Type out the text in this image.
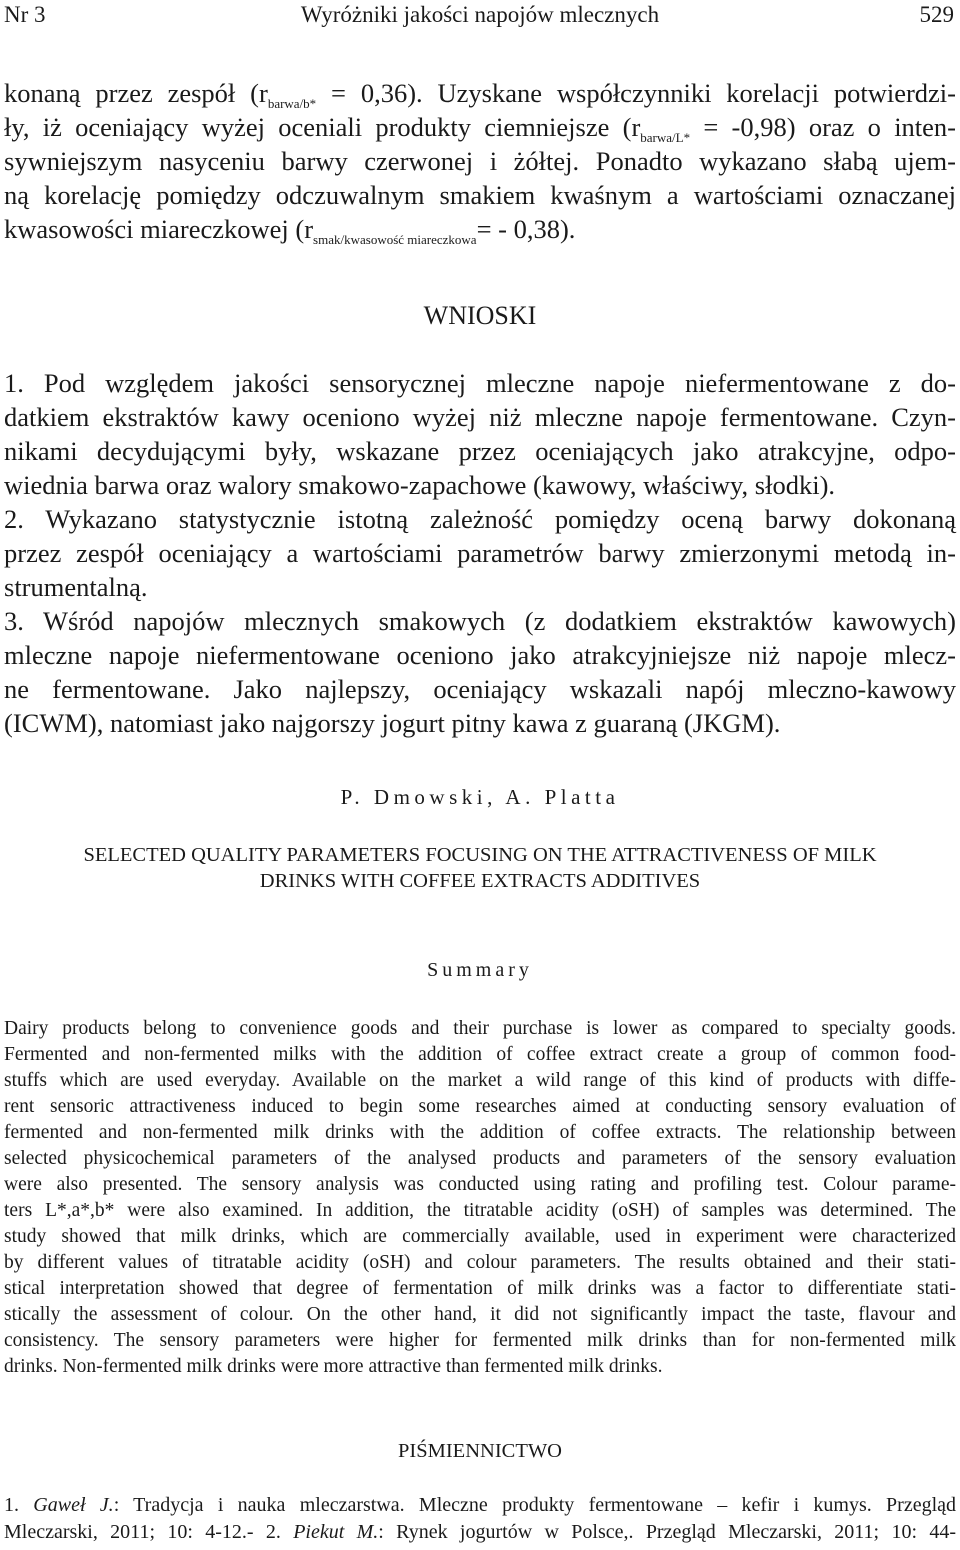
Nr 3	Wyróżniki jakości napojów mlecznych	529
konaną przez zespół $(r_{barwa/b*} = 0,36)$. Uzyskane współczynniki korelacji potwierdzi-
ły, iż oceniający wyżej oceniali produkty ciemniejsze $(r_{barwa/L*} = -0,98)$ oraz o inten-
sywniejszym nasyceniu barwy czerwonej i żółtej. Ponadto wykazano słabą ujem-
ną korelację pomiędzy odczuwalnym smakiem kwaśnym a wartościami oznaczanej
kwasowości miareczkowej $(r_{smak/kwasowość miareczkowa}= - 0,38)$.
WNIOSKI
1. Pod względem jakości sensorycznej mleczne napoje niefermentowane z do-
datkiem ekstraktów kawy oceniono wyżej niż mleczne napoje fermentowane. Czyn-
nikami decydującymi były, wskazane przez oceniających jako atrakcyjne, odpo-
wiednia barwa oraz walory smakowo-zapachowe (kawowy, właściwy, słodki).
2. Wykazano statystycznie istotną zależność pomiędzy oceną barwy dokonaną
przez zespół oceniający a wartościami parametrów barwy zmierzonymi metodą in-
strumentalną.
3. Wśród napojów mlecznych smakowych (z dodatkiem ekstraktów kawowych)
mleczne napoje niefermentowane oceniono jako atrakcyjniejsze niż napoje mlecz-
ne fermentowane. Jako najlepszy, oceniający wskazali napój mleczno-kawowy
(ICWM), natomiast jako najgorszy jogurt pitny kawa z guaraną (JKGM).
P. Dmowski, A. Platta
SELECTED QUALITY PARAMETERS FOCUSING ON THE ATTRACTIVENESS OF MILK
DRINKS WITH COFFEE EXTRACTS ADDITIVES
Summary
Dairy products belong to convenience goods and their purchase is lower as compared to specialty goods.
Fermented and non-fermented milks with the addition of coffee extract create a group of common food-
stuffs which are used everyday. Available on the market a wild range of this kind of products with diffe-
rent sensoric attractiveness induced to begin some researches aimed at conducting sensory evaluation of
fermented and non-fermented milk drinks with the addition of coffee extracts. The relationship between
selected physicochemical parameters of the analysed products and parameters of the sensory evaluation
were also presented. The sensory analysis was conducted using rating and profiling test. Colour parame-
ters L*,a*,b* were also examined. In addition, the titratable acidity (oSH) of samples was determined. The
study showed that milk drinks, which are commercially available, used in experiment were characterized
by different values of titratable acidity (oSH) and colour parameters. The results obtained and their stati-
stical interpretation showed that degree of fermentation of milk drinks was a factor to differentiate stati-
stically the assessment of colour. On the other hand, it did not significantly impact the taste, flavour and
consistency. The sensory parameters were higher for fermented milk drinks than for non-fermented milk
drinks. Non-fermented milk drinks were more attractive than fermented milk drinks.
PIŚMIENNICTWO
1. Gaweł J.: Tradycja i nauka mleczarstwa. Mleczne produkty fermentowane – kefir i kumys. Przegląd
Mleczarski, 2011; 10: 4-12.- 2. Piekut M.: Rynek jogurtów w Polsce,. Przegląd Mleczarski, 2011; 10: 44-
